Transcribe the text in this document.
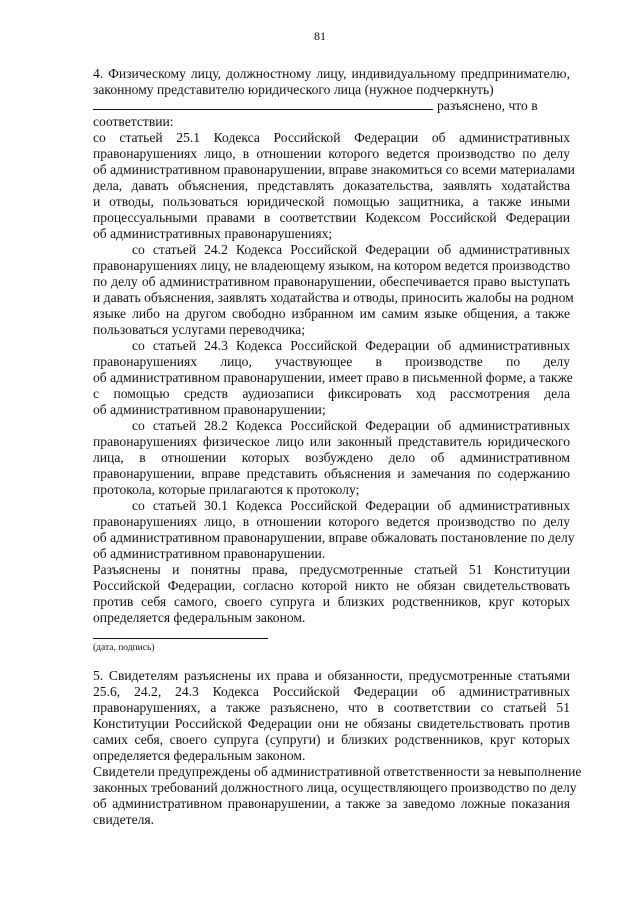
81
4. Физическому лицу, должностному лицу, индивидуальному предпринимателю,
законному представителю юридического лица (нужное подчеркнуть)
разъяснено, что в
соответствии:
со статьей 25.1 Кодекса Российской Федерации об административных
правонарушениях лицо, в отношении которого ведется производство по делу
об административном правонарушении, вправе знакомиться со всеми материалами
дела, давать объяснения, представлять доказательства, заявлять ходатайства
и отводы, пользоваться юридической помощью защитника, а также иными
процессуальными правами в соответствии Кодексом Российской Федерации
об административных правонарушениях;
со статьей 24.2 Кодекса Российской Федерации об административных
правонарушениях лицу, не владеющему языком, на котором ведется производство
по делу об административном правонарушении, обеспечивается право выступать
и давать объяснения, заявлять ходатайства и отводы, приносить жалобы на родном
языке либо на другом свободно избранном им самим языке общения, а также
пользоваться услугами переводчика;
со статьей 24.3 Кодекса Российской Федерации об административных
правонарушениях лицо, участвующее в производстве по делу
об административном правонарушении, имеет право в письменной форме, а также
с помощью средств аудиозаписи фиксировать ход рассмотрения дела
об административном правонарушении;
со статьей 28.2 Кодекса Российской Федерации об административных
правонарушениях физическое лицо или законный представитель юридического
лица, в отношении которых возбуждено дело об административном
правонарушении, вправе представить объяснения и замечания по содержанию
протокола, которые прилагаются к протоколу;
со статьей 30.1 Кодекса Российской Федерации об административных
правонарушениях лицо, в отношении которого ведется производство по делу
об административном правонарушении, вправе обжаловать постановление по делу
об административном правонарушении.
Разъяснены и понятны права, предусмотренные статьей 51 Конституции
Российской Федерации, согласно которой никто не обязан свидетельствовать
против себя самого, своего супруга и близких родственников, круг которых
определяется федеральным законом.
(дата, подпись)
5. Свидетелям разъяснены их права и обязанности, предусмотренные статьями
25.6, 24.2, 24.3 Кодекса Российской Федерации об административных
правонарушениях, а также разъяснено, что в соответствии со статьей 51
Конституции Российской Федерации они не обязаны свидетельствовать против
самих себя, своего супруга (супруги) и близких родственников, круг которых
определяется федеральным законом.
Свидетели предупреждены об административной ответственности за невыполнение
законных требований должностного лица, осуществляющего производство по делу
об административном правонарушении, а также за заведомо ложные показания
свидетеля.
